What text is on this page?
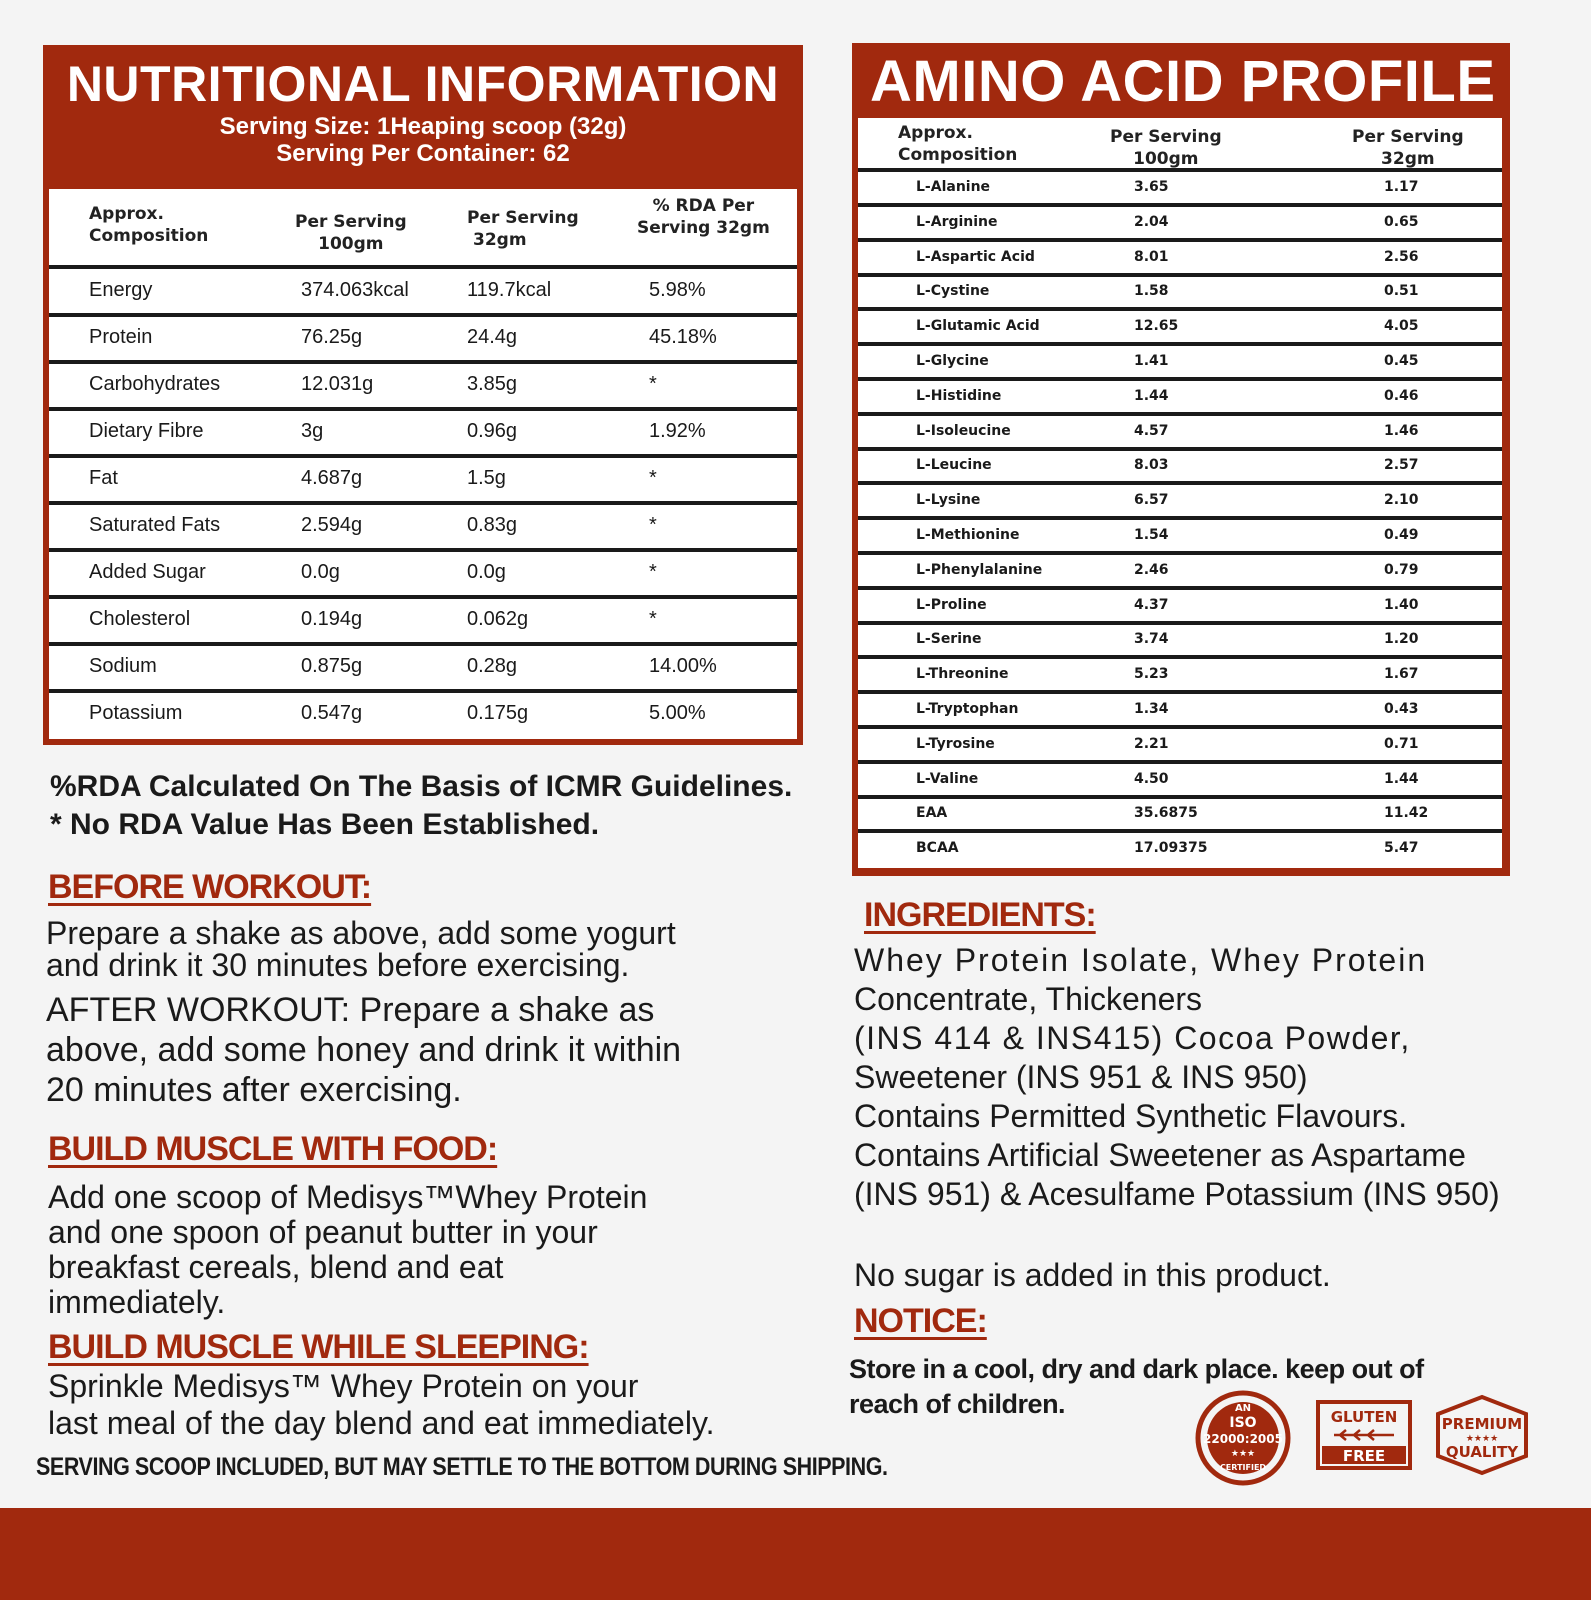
NUTRITIONAL INFORMATION
Serving Size: 1Heaping scoop (32g)
Serving Per Container: 62
Approx.
Composition
Per Serving
100gm
Per Serving
32gm
% RDA Per
Serving 32gm
Energy	374.063kcal	119.7kcal	5.98%
Protein	76.25g	24.4g	45.18%
Carbohydrates	12.031g	3.85g	*
Dietary Fibre	3g	0.96g	1.92%
Fat	4.687g	1.5g	*
Saturated Fats	2.594g	0.83g	*
Added Sugar	0.0g	0.0g	*
Cholesterol	0.194g	0.062g	*
Sodium	0.875g	0.28g	14.00%
Potassium	0.547g	0.175g	5.00%
AMINO ACID PROFILE
Approx.
Composition
Per Serving
100gm
Per Serving
32gm
L-Alanine	3.65	1.17
L-Arginine	2.04	0.65
L-Aspartic Acid	8.01	2.56
L-Cystine	1.58	0.51
L-Glutamic Acid	12.65	4.05
L-Glycine	1.41	0.45
L-Histidine	1.44	0.46
L-Isoleucine	4.57	1.46
L-Leucine	8.03	2.57
L-Lysine	6.57	2.10
L-Methionine	1.54	0.49
L-Phenylalanine	2.46	0.79
L-Proline	4.37	1.40
L-Serine	3.74	1.20
L-Threonine	5.23	1.67
L-Tryptophan	1.34	0.43
L-Tyrosine	2.21	0.71
L-Valine	4.50	1.44
EAA	35.6875	11.42
BCAA	17.09375	5.47
%RDA Calculated On The Basis of ICMR Guidelines.
* No RDA Value Has Been Established.
BEFORE WORKOUT:
Prepare a shake as above, add some yogurt
and drink it 30 minutes before exercising.
AFTER WORKOUT: Prepare a shake as
above, add some honey and drink it within
20 minutes after exercising.
BUILD MUSCLE WITH FOOD:
Add one scoop of Medisys™Whey Protein
and one spoon of peanut butter in your
breakfast cereals, blend and eat
immediately.
BUILD MUSCLE WHILE SLEEPING:
Sprinkle Medisys™ Whey Protein on your
last meal of the day blend and eat immediately.
SERVING SCOOP INCLUDED, BUT MAY SETTLE TO THE BOTTOM DURING SHIPPING.
INGREDIENTS:
Whey Protein Isolate, Whey Protein
Concentrate, Thickeners
(INS 414 & INS415) Cocoa Powder,
Sweetener (INS 951 & INS 950)
Contains Permitted Synthetic Flavours.
Contains Artificial Sweetener as Aspartame
(INS 951) & Acesulfame Potassium (INS 950)
No sugar is added in this product.
NOTICE:
Store in a cool, dry and dark place. keep out of
reach of children.	AN
ISO
22000:2005
★★★
CERTIFIED
GLUTEN
FREE
PREMIUM
★★★★
QUALITY
